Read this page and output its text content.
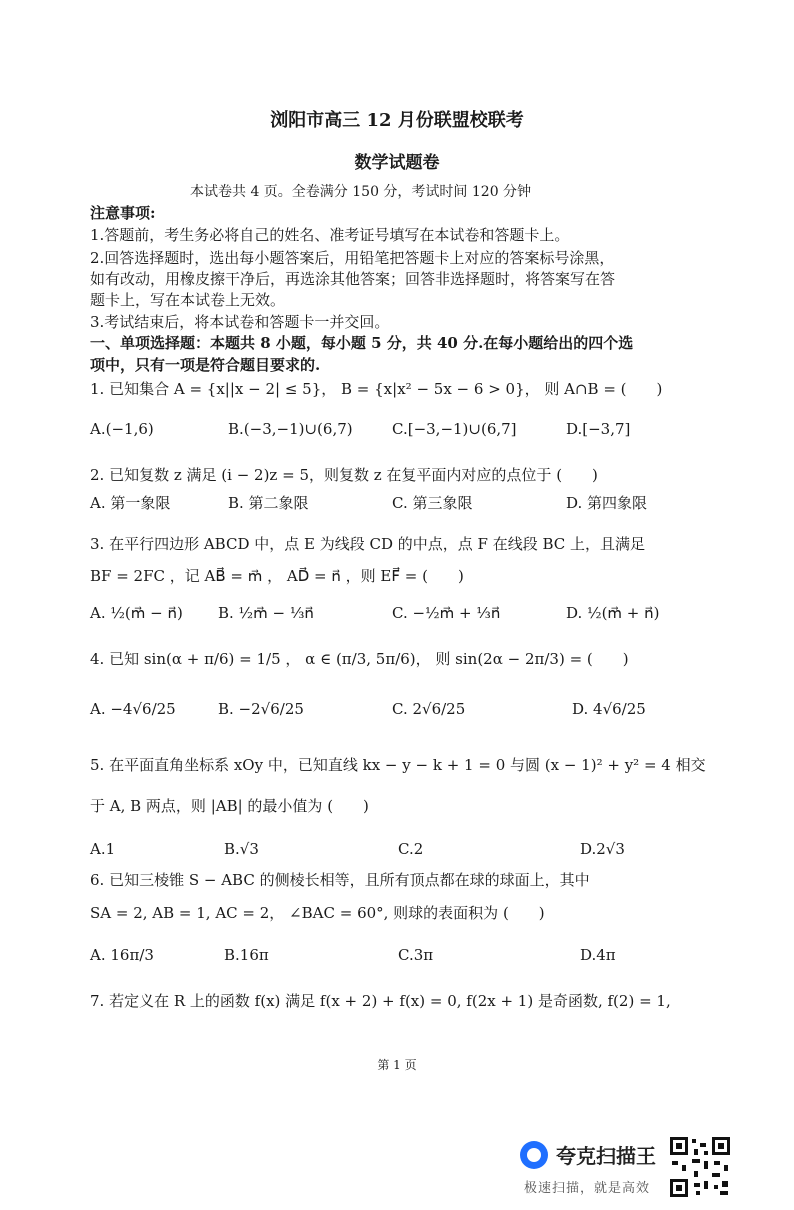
浏阳市高三 12 月份联盟校联考
数学试题卷
本试卷共 4 页。全卷满分 150 分，考试时间 120 分钟
注意事项:
1.答题前，考生务必将自己的姓名、准考证号填写在本试卷和答题卡上。
2.回答选择题时，选出每小题答案后，用铅笔把答题卡上对应的答案标号涂黑，
如有改动，用橡皮擦干净后，再选涂其他答案；回答非选择题时，将答案写在答
题卡上，写在本试卷上无效。
3.考试结束后，将本试卷和答题卡一并交回。
一、单项选择题：本题共 8 小题，每小题 5 分，共 40 分.在每小题给出的四个选
项中，只有一项是符合题目要求的.
1. 已知集合 A = {x||x − 2| ≤ 5}， B = {x|x² − 5x − 6 > 0}， 则 A∩B = (　　)
A.(−1,6)	B.(−3,−1)∪(6,7)	C.[−3,−1)∪(6,7]	D.[−3,7]
2. 已知复数 z 满足 (i − 2)z = 5，则复数 z 在复平面内对应的点位于 (　　)
A. 第一象限	B. 第二象限	C. 第三象限	D. 第四象限
3. 在平行四边形 ABCD 中，点 E 为线段 CD 的中点，点 F 在线段 BC 上，且满足
BF = 2FC ，记 AB⃗ = m⃗ ， AD⃗ = n⃗ ，则 EF⃗ = (　　)
A. ½(m⃗ − n⃗) B. ½m⃗ − ⅓n⃗	C. −½m⃗ + ⅓n⃗	D. ½(m⃗ + n⃗)
4. 已知 sin(α + π/6) = 1/5 ， α ∈ (π/3, 5π/6)， 则 sin(2α − 2π/3) = (　　)
A. −4√6/25	B. −2√6/25	C. 2√6/25	D. 4√6/25
5. 在平面直角坐标系 xOy 中，已知直线 kx − y − k + 1 = 0 与圆 (x − 1)² + y² = 4 相交
于 A, B 两点，则 |AB| 的最小值为 (　　)
A.1	B.√3	C.2	D.2√3
6. 已知三棱锥 S − ABC 的侧棱长相等，且所有顶点都在球的球面上，其中
SA = 2, AB = 1, AC = 2， ∠BAC = 60°, 则球的表面积为 (　　)
A. 16π/3	B.16π	C.3π	D.4π
7. 若定义在 R 上的函数 f(x) 满足 f(x + 2) + f(x) = 0, f(2x + 1) 是奇函数, f(2) = 1,
第 1 页
夸克扫描王
极速扫描，就是高效
